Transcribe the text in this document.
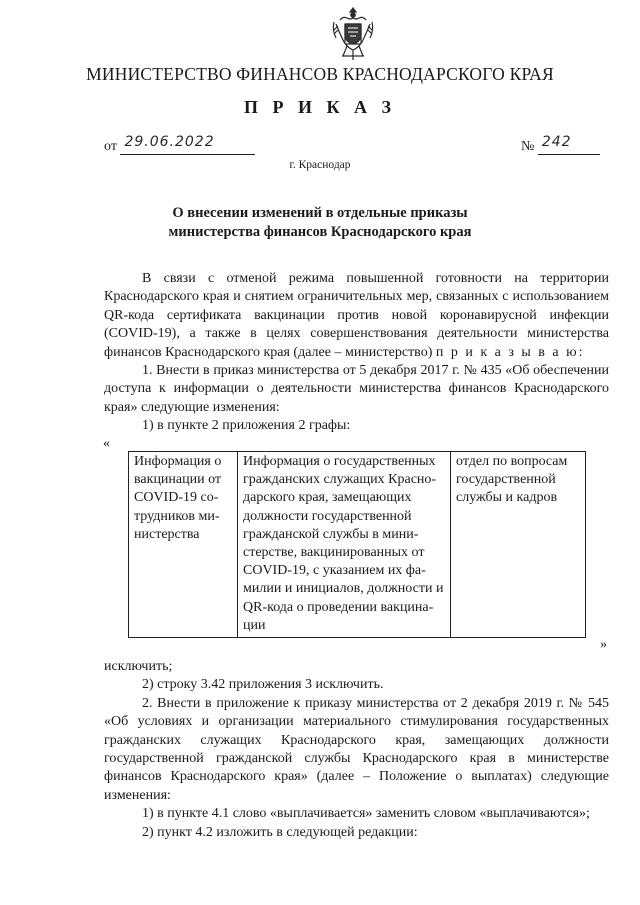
МИНИСТЕРСТВО ФИНАНСОВ КРАСНОДАРСКОГО КРАЯ
П Р И К А З
от 29.06.2022	№ 242
г. Краснодар
О внесении изменений в отдельные приказы
министерства финансов Краснодарского края

В связи с отменой режима повышенной готовности на территории Краснодарского края и снятием ограничительных мер, связанных с использованием QR-кода сертификата вакцинации против новой коронавирусной инфекции (COVID-19), а также в целях совершенствования деятельности министерства финансов Краснодарского края (далее – министерство) п р и к а з ы в а ю:

1. Внести в приказ министерства от 5 декабря 2017 г. № 435 «Об обеспечении доступа к информации о деятельности министерства финансов Краснодарского края» следующие изменения:

1) в пункте 2 приложения 2 графы:

«
Информация о
вакцинации от
COVID-19 со-
трудников ми-
нистерства

Информация о государственных
гражданских служащих Красно-
дарского края, замещающих
должности государственной
гражданской службы в мини-
стерстве, вакцинированных от
COVID-19, с указанием их фа-
милии и инициалов, должности и
QR-кода о проведении вакцина-
ции

отдел по вопросам
государственной
службы и кадров
»

исключить;

2) строку 3.42 приложения 3 исключить.

2. Внести в приложение к приказу министерства от 2 декабря 2019 г. № 545 «Об условиях и организации материального стимулирования государственных гражданских служащих Краснодарского края, замещающих должности государственной гражданской службы Краснодарского края в министерстве финансов Краснодарского края» (далее – Положение о выплатах) следующие изменения:

1) в пункте 4.1 слово «выплачивается» заменить словом «выплачиваются»;

2) пункт 4.2 изложить в следующей редакции:
